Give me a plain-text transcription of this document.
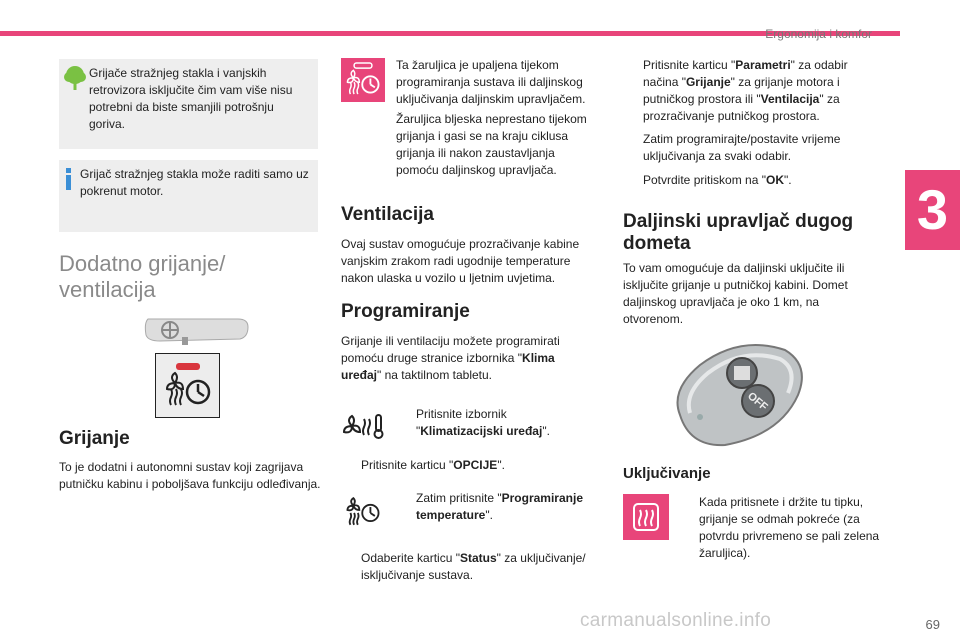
Ergonomija i komfor
3
Grijače stražnjeg stakla i vanjskih retrovizora isključite čim vam više nisu potrebni da biste smanjili potrošnju goriva.
Grijač stražnjeg stakla može raditi samo uz pokrenut motor.
Dodatno grijanje/
ventilacija
Grijanje
To je dodatni i autonomni sustav koji zagrijava putničku kabinu i poboljšava funkciju odleđivanja.
Ta žaruljica je upaljena tijekom programiranja sustava ili daljinskog uključivanja daljinskim upravljačem.
Žaruljica bljeska neprestano tijekom grijanja i gasi se na kraju ciklusa grijanja ili nakon zaustavljanja pomoću daljinskog upravljača.
Ventilacija
Ovaj sustav omogućuje prozračivanje kabine vanjskim zrakom radi ugodnije temperature nakon ulaska u vozilo u ljetnim uvjetima.
Programiranje
Grijanje ili ventilaciju možete programirati pomoću druge stranice izbornika "Klima uređaj" na taktilnom tabletu.
Pritisnite izbornik "Klimatizacijski uređaj".
Pritisnite karticu "OPCIJE".
Zatim pritisnite "Programiranje temperature".
Odaberite karticu "Status" za uključivanje/ isključivanje sustava.
Pritisnite karticu "Parametri" za odabir načina "Grijanje" za grijanje motora i putničkog prostora ili "Ventilacija" za prozračivanje putničkog prostora.
Zatim programirajte/postavite vrijeme uključivanja za svaki odabir.
Potvrdite pritiskom na "OK".
Daljinski upravljač dugog
dometa
To vam omogućuje da daljinski uključite ili isključite grijanje u putničkoj kabini. Domet daljinskog upravljača je oko 1 km, na otvorenom.
OFF
Uključivanje
Kada pritisnete i držite tu tipku, grijanje se odmah pokreće (za potvrdu privremeno se pali zelena žaruljica).
carmanualsonline.info	69
